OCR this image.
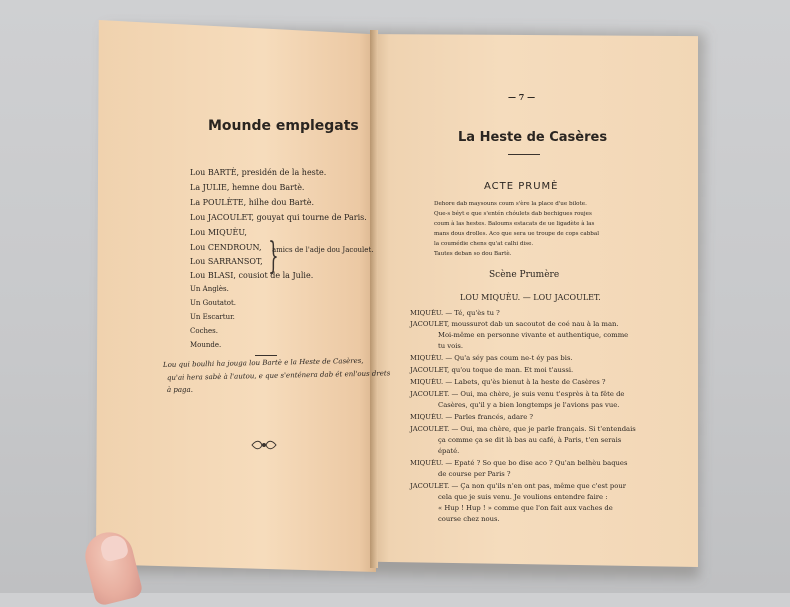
Mounde emplegats
Lou BARTÈ, presidén de la heste.
La JULIE, hemne dou Bartè.
La POULÈTE, hilhe dou Bartè.
Lou JACOULET, gouyat qui tourne de Paris.
Lou MIQUÈU,
Lou CENDROUN,
Lou SARRANSOT,
Lou BLASI, cousiot de la Julie.
Un Anglès.
Un Goutatot.
Un Escartur.
Coches.
Mounde.
}
amics de l'adje dou Jacoulet.
Lou qui boulhi ha jouga lou Bartè e la Heste de Casères,
qu'ai hera sabè à l'autou, e que s'enténera dab ét enl'ous drets
à paga.
— 7 —
La Heste de Casères
ACTE PRUMÈ
Dehore dab maysouns coum s'ère la place d'ue bilote.
Que-s béyt e que s'entén chóulets dab bechigues roujes
coum à las hestes. Baloums estacats de ue ligadète à las
mans dous drolles. Aco que sera ue troupe de cops cabbal
la coumédie chens qu'at calhi dise.
Tautes deban so dou Bartè.
Scène Prumère
LOU MIQUÈU. — LOU JACOULET.
MIQUÈU. — Té, qu'ès tu ?
JACOULET, moussurot dab un sacoutot de coé nau à la man.
Moi-même en personne vivante et authentique, comme
tu vois.
MIQUÈU. — Qu'a séy pas coum ne-t éy pas bis.
JACOULET, qu'ou toque de man. Et moi t'aussi.
MIQUÈU. — Labets, qu'ès bienut à la heste de Casères ?
JACOULET. — Oui, ma chère, je suis venu t'esprès à ta fête de
Casères, qu'il y a bien longtemps je l'avions pas vue.
MIQUÈU. — Parles francés, adare ?
JACOULET. — Oui, ma chère, que je parle français. Si t'entendais
ça comme ça se dit là bas au café, à Paris, t'en serais
épaté.
MIQUÈU. — Epaté ? So que bo dise aco ? Qu'an belhèu baques
de course per Paris ?
JACOULET. — Ça non qu'ils n'en ont pas, même que c'est pour
cela que je suis venu. Je voulions entendre faire :
« Hup ! Hup ! » comme que l'on fait aux vaches de
course chez nous.
